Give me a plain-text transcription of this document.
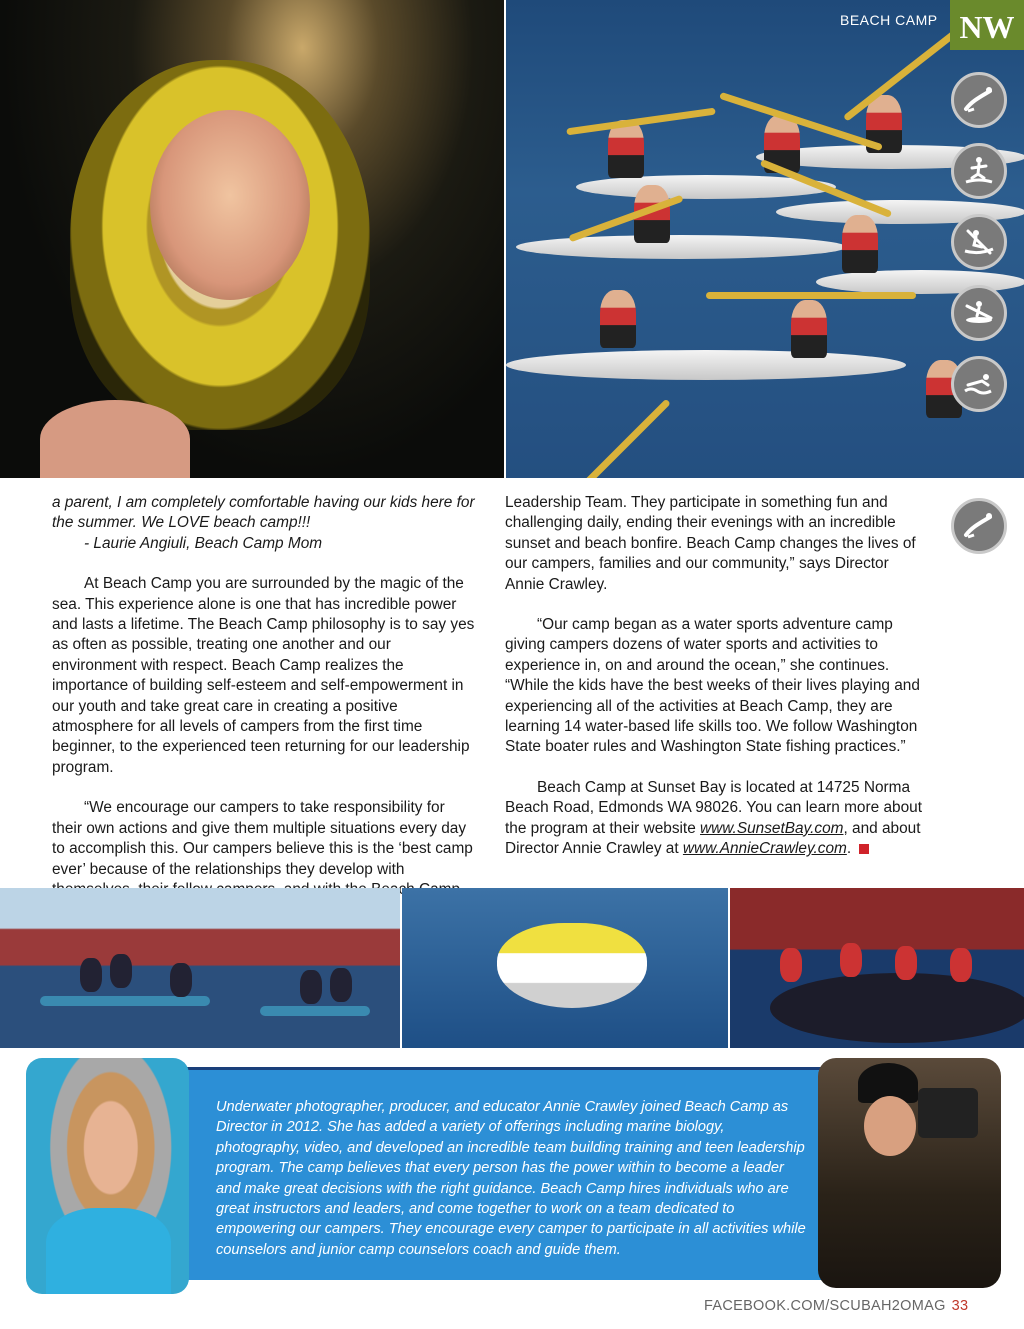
BEACH CAMP NW

a parent, I am completely comfortable having our kids here for the summer. We LOVE beach camp!!!

- Laurie Angiuli, Beach Camp Mom

At Beach Camp you are surrounded by the magic of the sea. This experience alone is one that has incredible power and lasts a lifetime. The Beach Camp philosophy is to say yes as often as possible, treating one another and our environment with respect. Beach Camp realizes the importance of building self-esteem and self-empowerment in our youth and take great care in creating a positive atmosphere for all levels of campers from the first time beginner, to the experienced teen returning for our leadership program.

“We encourage our campers to take responsibility for their own actions and give them multiple situations every day to accomplish this. Our campers believe this is the ‘best camp ever’ because of the relationships they develop with

Leadership Team. They participate in something fun and challenging daily, ending their evenings with an incredible sunset and beach bonfire. Beach Camp changes the lives of our campers, families and our community,” says Director Annie Crawley.

“Our camp began as a water sports adventure camp giving campers dozens of water sports and activities to experience in, on and around the ocean,” she continues. “While the kids have the best weeks of their lives playing and experiencing all of the activities at Beach Camp, they are learning 14 water-based life skills too. We follow Washington State boater rules and Washington State fishing practices.”

Beach Camp at Sunset Bay is located at 14725 Norma Beach Road, Edmonds WA 98026. You can learn more about the program at their website www.SunsetBay.com, and about Director Annie Crawley at www.AnnieCrawley.com.

Underwater photographer, producer, and educator Annie Crawley joined Beach Camp as Director in 2012. She has added a variety of offerings including marine biology, photography, video, and developed an incredible team building training and teen leadership program. The camp believes that every person has the power within to become a leader and make great decisions with the right guidance. Beach Camp hires individuals who are great instructors and leaders, and come together to work on a team dedicated to empowering our campers. They encourage every camper to participate in all activities while counselors and junior camp counselors coach and guide them.

FACEBOOK.COM/SCUBAH2OMAG 33
